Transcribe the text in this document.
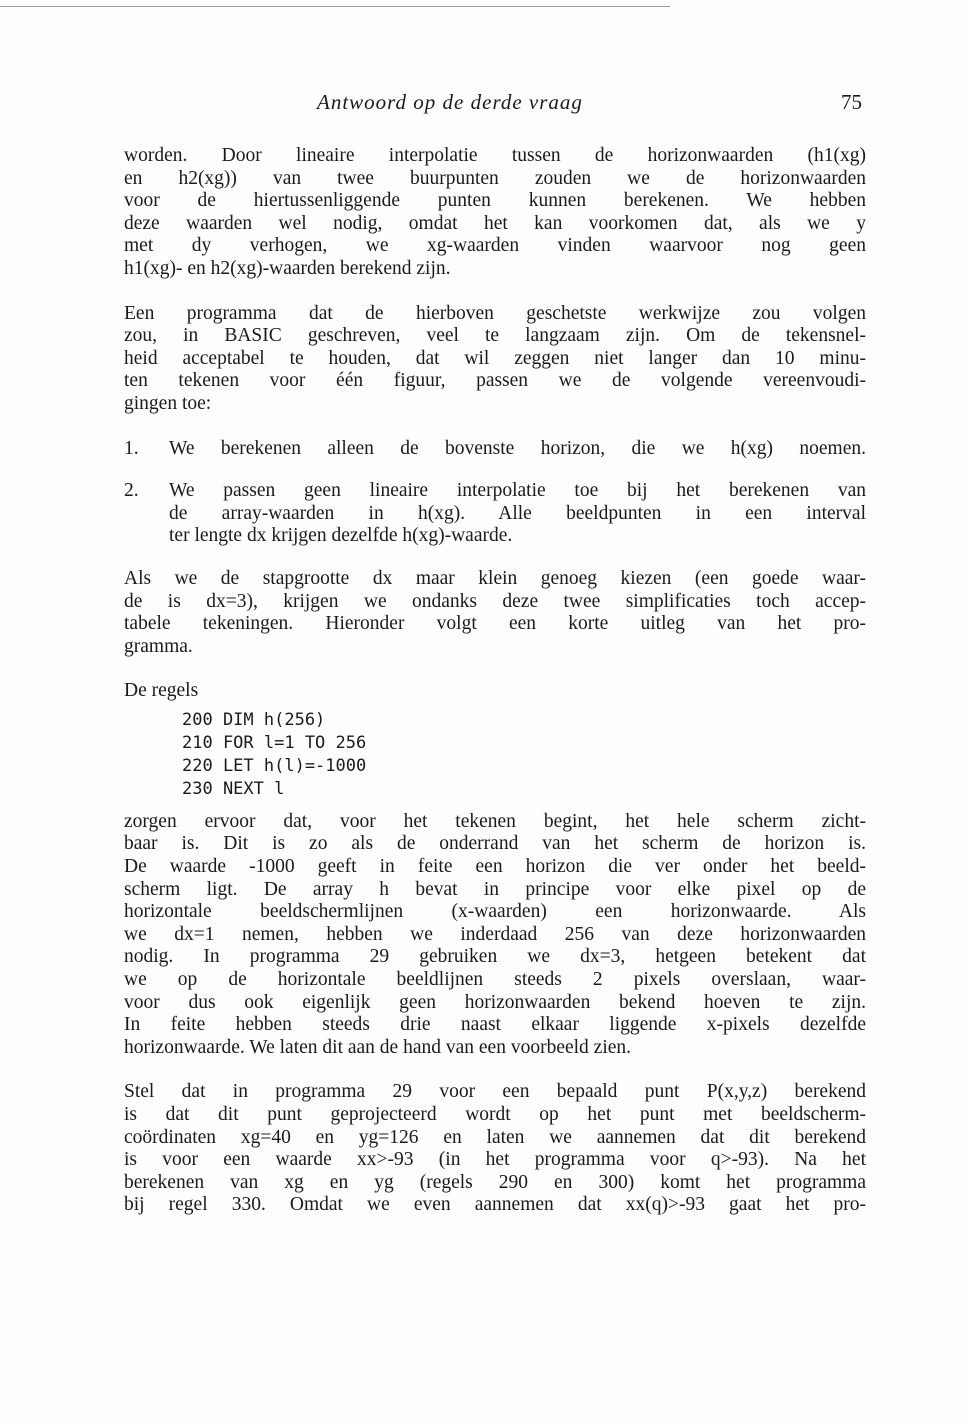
Antwoord op de derde vraag	75

worden. Door lineaire interpolatie tussen de horizonwaarden (h1(xg)
en h2(xg)) van twee buurpunten zouden we de horizonwaarden
voor de hiertussenliggende punten kunnen berekenen. We hebben
deze waarden wel nodig, omdat het kan voorkomen dat, als we y
met dy verhogen, we xg-waarden vinden waarvoor nog geen
h1(xg)- en h2(xg)-waarden berekend zijn.

Een programma dat de hierboven geschetste werkwijze zou volgen
zou, in BASIC geschreven, veel te langzaam zijn. Om de tekensnel-
heid acceptabel te houden, dat wil zeggen niet langer dan 10 minu-
ten tekenen voor één figuur, passen we de volgende vereenvoudi-
gingen toe:

1. We berekenen alleen de bovenste horizon, die we h(xg) noemen.
2. We passen geen lineaire interpolatie toe bij het berekenen van
de array-waarden in h(xg). Alle beeldpunten in een interval
ter lengte dx krijgen dezelfde h(xg)-waarde.

Als we de stapgrootte dx maar klein genoeg kiezen (een goede waar-
de is dx=3), krijgen we ondanks deze twee simplificaties toch accep-
tabele tekeningen. Hieronder volgt een korte uitleg van het pro-
gramma.

De regels

200 DIM h(256)
210 FOR l=1 TO 256
220 LET h(l)=-1000
230 NEXT l

zorgen ervoor dat, voor het tekenen begint, het hele scherm zicht-
baar is. Dit is zo als de onderrand van het scherm de horizon is.
De waarde -1000 geeft in feite een horizon die ver onder het beeld-
scherm ligt. De array h bevat in principe voor elke pixel op de
horizontale beeldschermlijnen (x-waarden) een horizonwaarde. Als
we dx=1 nemen, hebben we inderdaad 256 van deze horizonwaarden
nodig. In programma 29 gebruiken we dx=3, hetgeen betekent dat
we op de horizontale beeldlijnen steeds 2 pixels overslaan, waar-
voor dus ook eigenlijk geen horizonwaarden bekend hoeven te zijn.
In feite hebben steeds drie naast elkaar liggende x-pixels dezelfde
horizonwaarde. We laten dit aan de hand van een voorbeeld zien.

Stel dat in programma 29 voor een bepaald punt P(x,y,z) berekend
is dat dit punt geprojecteerd wordt op het punt met beeldscherm-
coördinaten xg=40 en yg=126 en laten we aannemen dat dit berekend
is voor een waarde xx>-93 (in het programma voor q>-93). Na het
berekenen van xg en yg (regels 290 en 300) komt het programma
bij regel 330. Omdat we even aannemen dat xx(q)>-93 gaat het pro-
